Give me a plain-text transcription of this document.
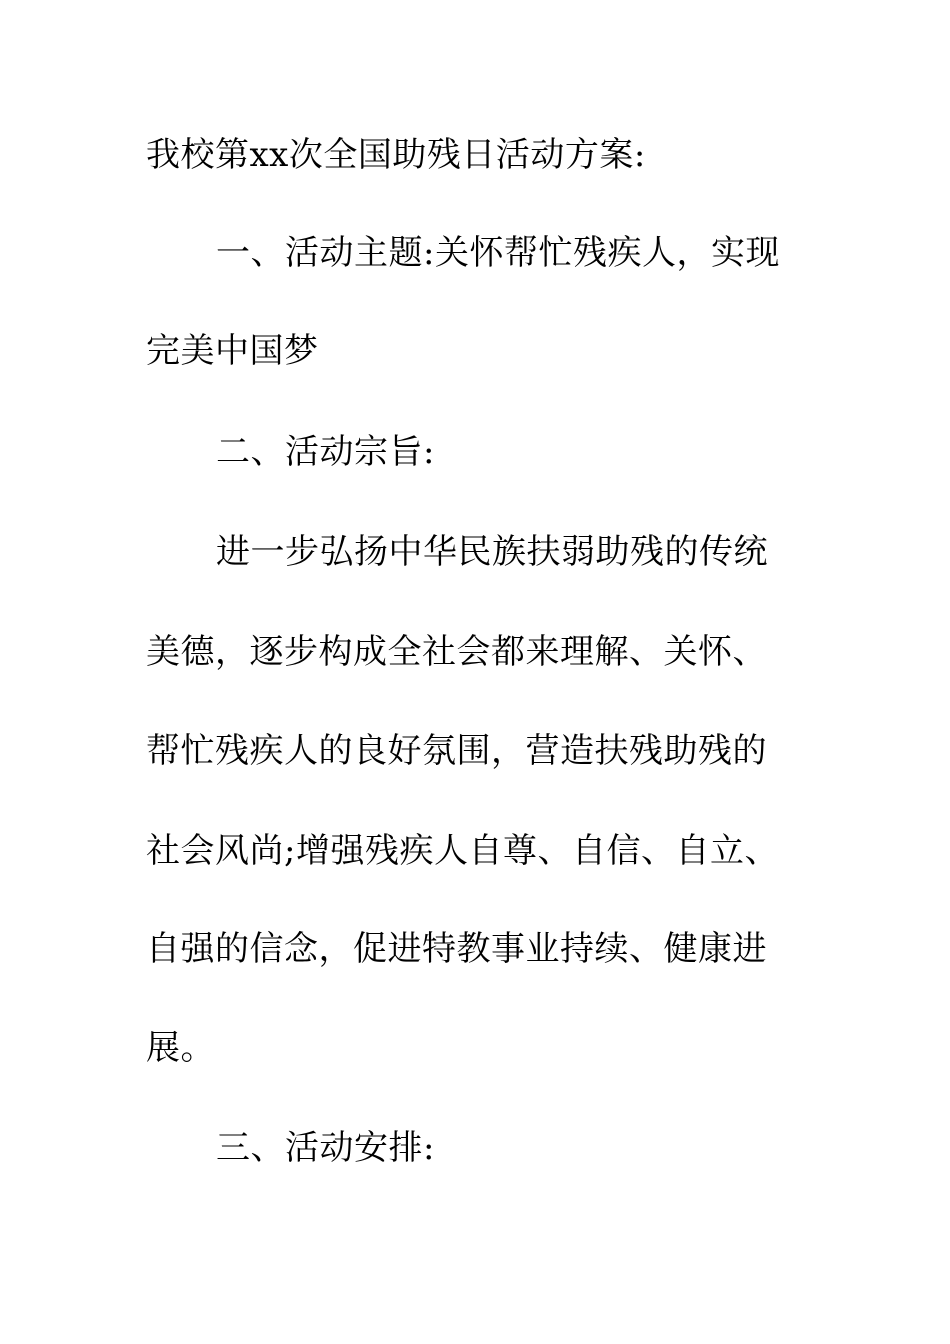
我校第xx次全国助残日活动方案:

一、活动主题:关怀帮忙残疾人，实现

完美中国梦

二、活动宗旨:

进一步弘扬中华民族扶弱助残的传统

美德，逐步构成全社会都来理解、关怀、

帮忙残疾人的良好氛围，营造扶残助残的

社会风尚;增强残疾人自尊、自信、自立、

自强的信念，促进特教事业持续、健康进

展。

三、活动安排:
